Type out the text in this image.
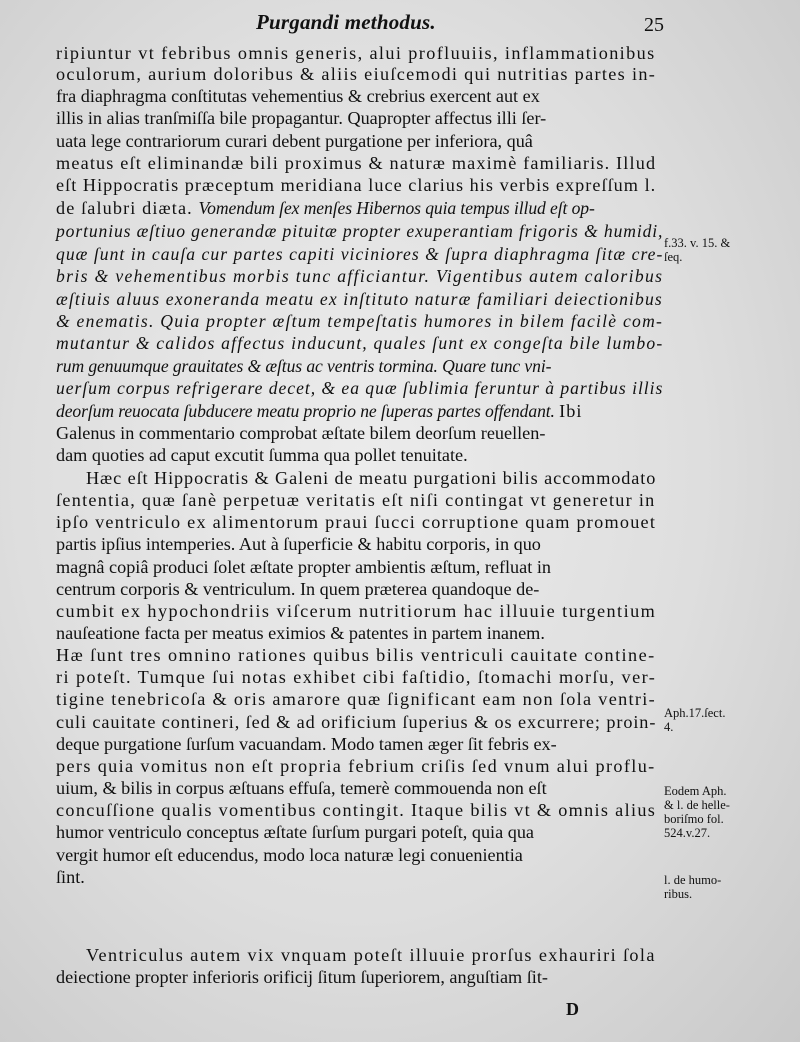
Purgandi methodus.	25
ripiuntur vt febribus omnis generis, alui profluuiis, inflammationibus
oculorum, aurium doloribus & aliis eiuſcemodi qui nutritias partes in-
fra diaphragma conſtitutas vehementius & crebrius exercent aut ex
illis in alias tranſmiſſa bile propagantur. Quapropter affectus illi ſer-
uata lege contrariorum curari debent purgatione per inferiora, quâ
meatus eſt eliminandæ bili proximus & naturæ maximè familiaris. Illud
eſt Hippocratis præceptum meridiana luce clarius his verbis expreſſum l.
de ſalubri diæta. Vomendum ſex menſes Hibernos quia tempus illud eſt op-
portunius æſtiuo generandæ pituitæ propter exuperantiam frigoris & humidi,
quæ ſunt in cauſa cur partes capiti viciniores & ſupra diaphragma ſitæ cre-
bris & vehementibus morbis tunc afficiantur. Vigentibus autem caloribus
æſtiuis aluus exoneranda meatu ex inſtituto naturæ familiari deiectionibus
& enematis. Quia propter æſtum tempeſtatis humores in bilem facilè com-
mutantur & calidos affectus inducunt, quales ſunt ex congeſta bile lumbo-
rum genuumque grauitates & æſtus ac ventris tormina. Quare tunc vni-
uerſum corpus refrigerare decet, & ea quæ ſublimia feruntur à partibus illis
deorſum reuocata ſubducere meatu proprio ne ſuperas partes offendant. Ibi
Galenus in commentario comprobat æſtate bilem deorſum reuellen-
dam quoties ad caput excutit ſumma qua pollet tenuitate.
Hæc eſt Hippocratis & Galeni de meatu purgationi bilis accommodato
ſententia, quæ ſanè perpetuæ veritatis eſt niſi contingat vt generetur in
ipſo ventriculo ex alimentorum praui ſucci corruptione quam promouet
partis ipſius intemperies. Aut à ſuperficie & habitu corporis, in quo
magnâ copiâ produci ſolet æſtate propter ambientis æſtum, refluat in
centrum corporis & ventriculum. In quem præterea quandoque de-
cumbit ex hypochondriis viſcerum nutritiorum hac illuuie turgentium
nauſeatione facta per meatus eximios & patentes in partem inanem.
Hæ ſunt tres omnino rationes quibus bilis ventriculi cauitate contine-
ri poteſt. Tumque ſui notas exhibet cibi faſtidio, ſtomachi morſu, ver-
tigine tenebricoſa & oris amarore quæ ſignificant eam non ſola ventri-
culi cauitate contineri, ſed & ad orificium ſuperius & os excurrere; proin-
deque purgatione ſurſum vacuandam. Modo tamen æger ſit febris ex-
pers quia vomitus non eſt propria febrium criſis ſed vnum alui proflu-
uium, & bilis in corpus æſtuans effuſa, temerè commouenda non eſt
concuſſione qualis vomentibus contingit. Itaque bilis vt & omnis alius
humor ventriculo conceptus æſtate ſurſum purgari poteſt, quia qua
vergit humor eſt educendus, modo loca naturæ legi conuenientia
ſint.
Ventriculus autem vix vnquam poteſt illuuie prorſus exhauriri ſola
deiectione propter inferioris orificij ſitum ſuperiorem, anguſtiam ſit-
f.33. v. 15. &
ſeq.
Aph.17.ſect.
4.
Eodem Aph.
& l. de helle-
boriſmo fol.
524.v.27.
l. de humo-
ribus.
D
